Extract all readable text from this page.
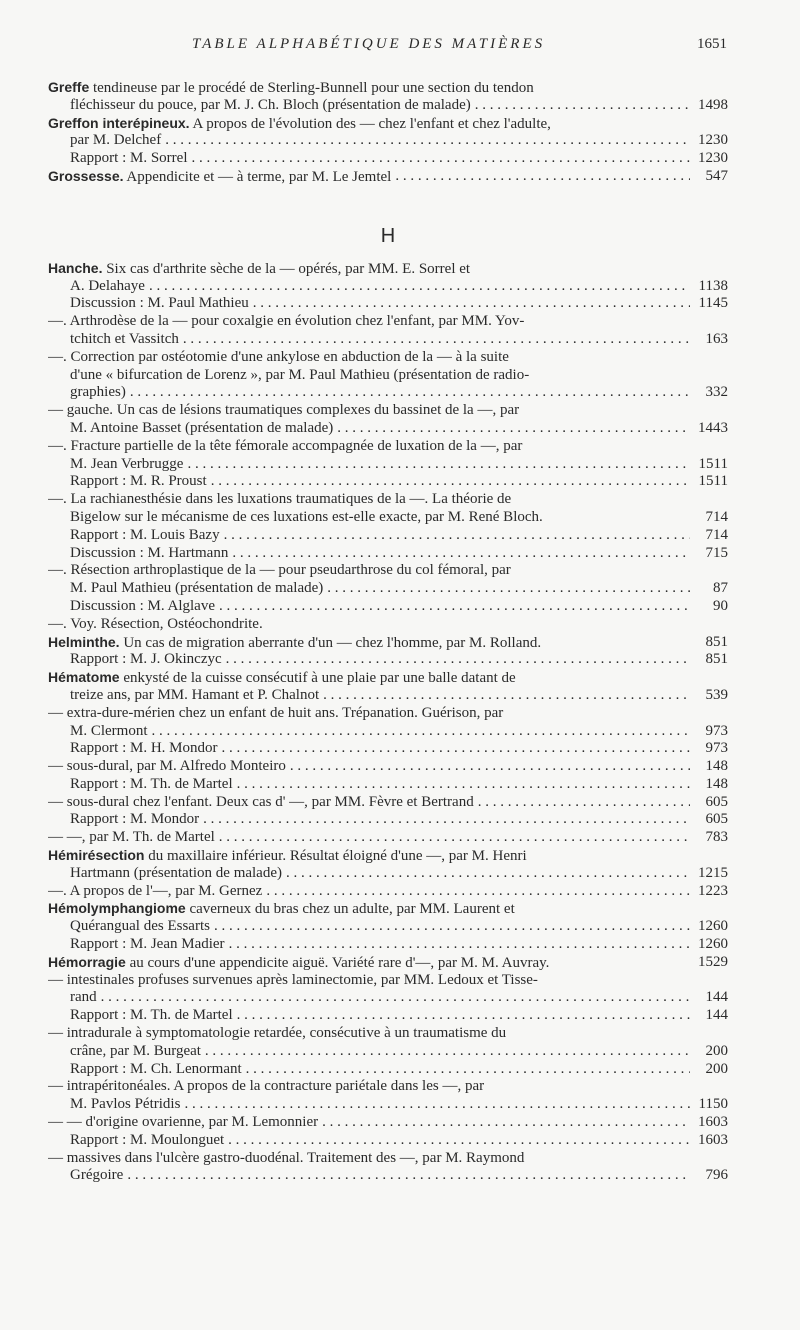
TABLE ALPHABÉTIQUE DES MATIÈRES	1651
Greffe tendineuse par le procédé de Sterling-Bunnell pour une section du tendon
fléchisseur du pouce, par M. J. Ch. Bloch (présentation de malade) . . .	1498
Greffon interépineux. A propos de l'évolution des — chez l'enfant et chez l'adulte,
par M. Delchef . . .	1230
Rapport : M. Sorrel . . .	1230
Grossesse. Appendicite et — à terme, par M. Le Jemtel . . .	547
H
Hanche. Six cas d'arthrite sèche de la — opérés, par MM. E. Sorrel et
A. Delahaye . . .	1138
Discussion : M. Paul Mathieu . . .	1145
—. Arthrodèse de la — pour coxalgie en évolution chez l'enfant, par MM. Yov-
tchitch et Vassitch . . .	163
—. Correction par ostéotomie d'une ankylose en abduction de la — à la suite
d'une « bifurcation de Lorenz », par M. Paul Mathieu (présentation de radio-
graphies) . . .	332
— gauche. Un cas de lésions traumatiques complexes du bassinet de la —, par
M. Antoine Basset (présentation de malade) . . .	1443
—. Fracture partielle de la tête fémorale accompagnée de luxation de la —, par
M. Jean Verbrugge . . .	1511
Rapport : M. R. Proust . . .	1511
—. La rachianesthésie dans les luxations traumatiques de la —. La théorie de
Bigelow sur le mécanisme de ces luxations est-elle exacte, par M. René Bloch.	714
Rapport : M. Louis Bazy . . .	714
Discussion : M. Hartmann . . .	715
—. Résection arthroplastique de la — pour pseudarthrose du col fémoral, par
M. Paul Mathieu (présentation de malade) . . .	87
Discussion : M. Alglave . . .	90
—. Voy. Résection, Ostéochondrite.
Helminthe. Un cas de migration aberrante d'un — chez l'homme, par M. Rolland.	851
Rapport : M. J. Okinczyc . . .	851
Hématome enkysté de la cuisse consécutif à une plaie par une balle datant de
treize ans, par MM. Hamant et P. Chalnot . . .	539
— extra-dure-mérien chez un enfant de huit ans. Trépanation. Guérison, par
M. Clermont . . .	973
Rapport : M. H. Mondor . . .	973
— sous-dural, par M. Alfredo Monteiro . . .	148
Rapport : M. Th. de Martel . . .	148
— sous-dural chez l'enfant. Deux cas d' —, par MM. Fèvre et Bertrand . . .	605
Rapport : M. Mondor . . .	605
— —, par M. Th. de Martel . . .	783
Hémirésection du maxillaire inférieur. Résultat éloigné d'une —, par M. Henri
Hartmann (présentation de malade) . . .	1215
—. A propos de l'—, par M. Gernez . . .	1223
Hémolymphangiome caverneux du bras chez un adulte, par MM. Laurent et
Quérangual des Essarts . . .	1260
Rapport : M. Jean Madier . . .	1260
Hémorragie au cours d'une appendicite aiguë. Variété rare d'—, par M. M. Auvray.	1529
— intestinales profuses survenues après laminectomie, par MM. Ledoux et Tisse-
rand . . .	144
Rapport : M. Th. de Martel . . .	144
— intradurale à symptomatologie retardée, consécutive à un traumatisme du
crâne, par M. Burgeat . . .	200
Rapport : M. Ch. Lenormant . . .	200
— intrapéritonéales. A propos de la contracture pariétale dans les —, par
M. Pavlos Pétridis . . .	1150
— — d'origine ovarienne, par M. Lemonnier . . .	1603
Rapport : M. Moulonguet . . .	1603
— massives dans l'ulcère gastro-duodénal. Traitement des —, par M. Raymond
Grégoire . . .	796
